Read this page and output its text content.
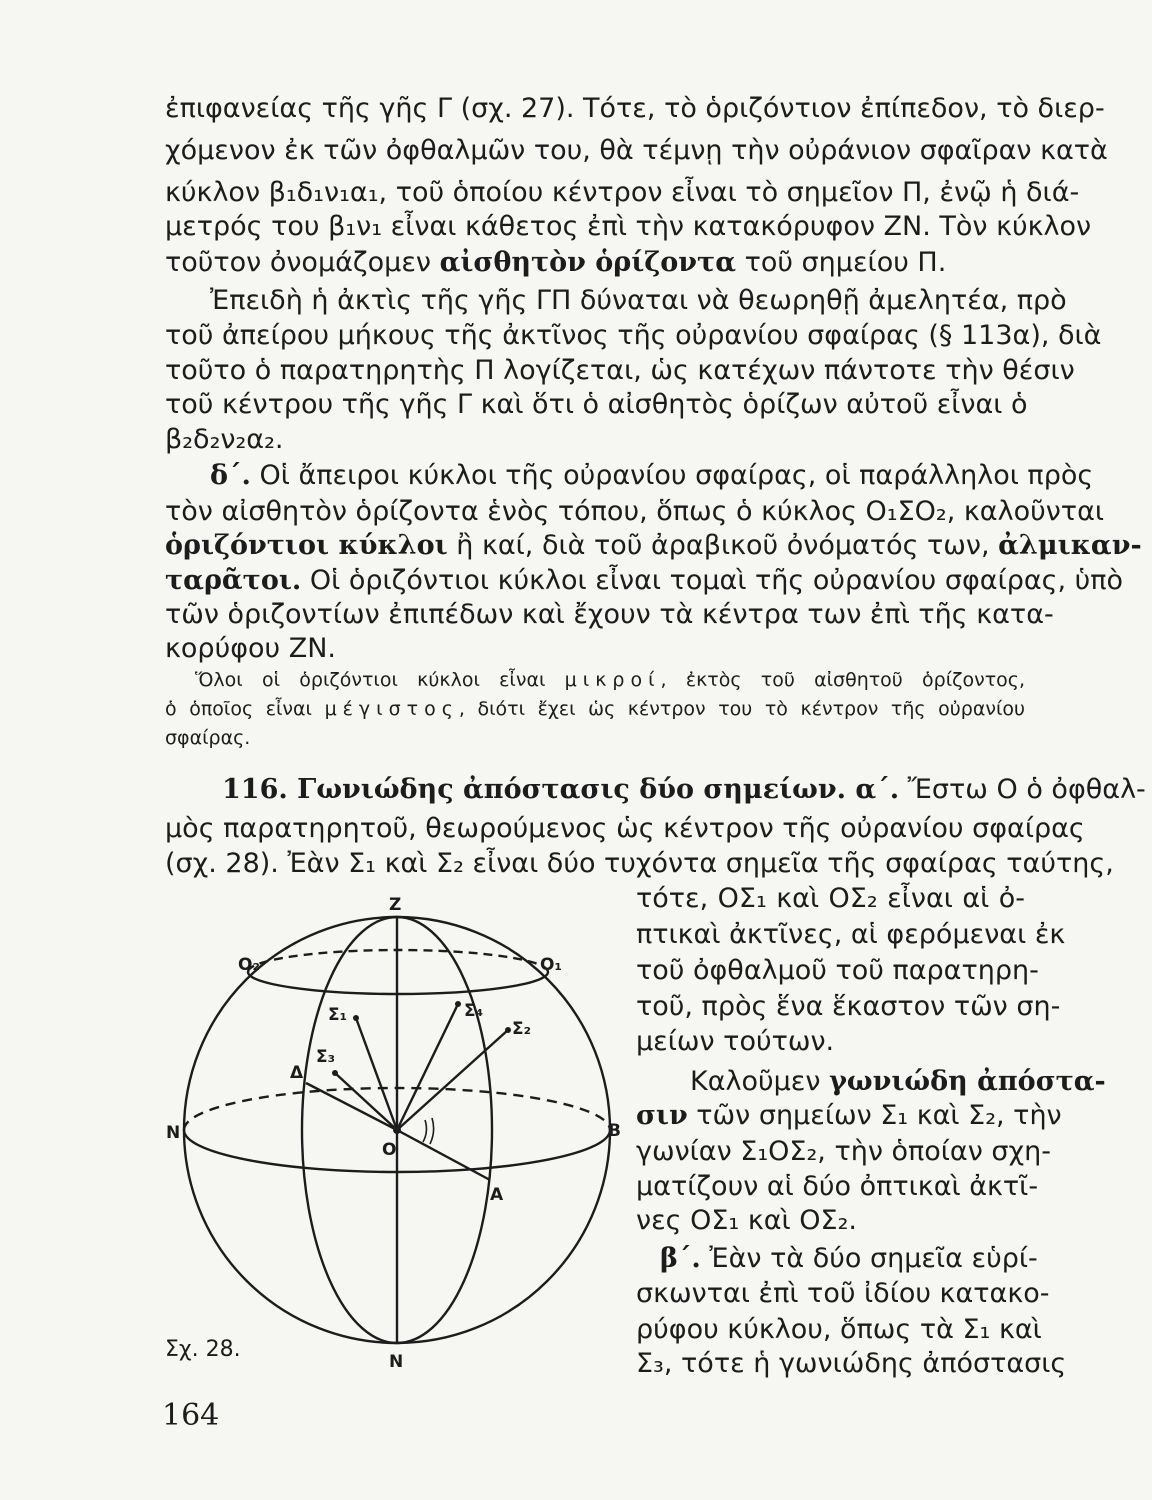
ἐπιφανείας τῆς γῆς Γ (σχ. 27). Τότε, τὸ ὁριζόντιον ἐπίπεδον, τὸ διερ-
χόμενον ἐκ τῶν ὀφθαλμῶν του, θὰ τέμνῃ τὴν οὐράνιον σφαῖραν κατὰ
κύκλον β₁δ₁ν₁α₁, τοῦ ὁποίου κέντρον εἶναι τὸ σημεῖον Π, ἐνῷ ἡ διά-
μετρός του β₁ν₁ εἶναι κάθετος ἐπὶ τὴν κατακόρυφον ΖΝ. Τὸν κύκλον
τοῦτον ὀνομάζομεν αἰσθητὸν ὁρίζοντα τοῦ σημείου Π.
Ἐπειδὴ ἡ ἀκτὶς τῆς γῆς ΓΠ δύναται νὰ θεωρηθῇ ἀμελητέα, πρὸ
τοῦ ἀπείρου μήκους τῆς ἀκτῖνος τῆς οὐρανίου σφαίρας (§ 113α), διὰ
τοῦτο ὁ παρατηρητὴς Π λογίζεται, ὡς κατέχων πάντοτε τὴν θέσιν
τοῦ κέντρου τῆς γῆς Γ καὶ ὅτι ὁ αἰσθητὸς ὁρίζων αὐτοῦ εἶναι ὁ
β₂δ₂ν₂α₂.
δ΄. Οἱ ἄπειροι κύκλοι τῆς οὐρανίου σφαίρας, οἱ παράλληλοι πρὸς
τὸν αἰσθητὸν ὁρίζοντα ἑνὸς τόπου, ὅπως ὁ κύκλος Ο₁ΣΟ₂, καλοῦνται
ὁριζόντιοι κύκλοι ἢ καί, διὰ τοῦ ἀραβικοῦ ὀνόματός των, ἀλμικαν-
ταρᾶτοι. Οἱ ὁριζόντιοι κύκλοι εἶναι τομαὶ τῆς οὐρανίου σφαίρας, ὑπὸ
τῶν ὁριζοντίων ἐπιπέδων καὶ ἔχουν τὰ κέντρα των ἐπὶ τῆς κατα-
κορύφου ΖΝ.
Ὅλοι οἱ ὁριζόντιοι κύκλοι εἶναι μικροί, ἐκτὸς τοῦ αἰσθητοῦ ὁρίζοντος,
ὁ ὁποῖος εἶναι μέγιστος, διότι ἔχει ὡς κέντρον του τὸ κέντρον τῆς οὐρανίου
σφαίρας.
116. Γωνιώδης ἀπόστασις δύο σημείων. α΄. Ἔστω Ο ὁ ὀφθαλ-
μὸς παρατηρητοῦ, θεωρούμενος ὡς κέντρον τῆς οὐρανίου σφαίρας
(σχ. 28). Ἐὰν Σ₁ καὶ Σ₂ εἶναι δύο τυχόντα σημεῖα τῆς σφαίρας ταύτης,
τότε, ΟΣ₁ καὶ ΟΣ₂ εἶναι αἱ ὀ-
πτικαὶ ἀκτῖνες, αἱ φερόμεναι ἐκ
τοῦ ὀφθαλμοῦ τοῦ παρατηρη-
τοῦ, πρὸς ἕνα ἕκαστον τῶν ση-
μείων τούτων.
Καλοῦμεν γωνιώδη ἀπόστα-
σιν τῶν σημείων Σ₁ καὶ Σ₂, τὴν
γωνίαν Σ₁ΟΣ₂, τὴν ὁποίαν σχη-
ματίζουν αἱ δύο ὀπτικαὶ ἀκτῖ-
νες ΟΣ₁ καὶ ΟΣ₂.
β΄. Ἐὰν τὰ δύο σημεῖα εὑρί-
σκωνται ἐπὶ τοῦ ἰδίου κατακο-
ρύφου κύκλου, ὅπως τὰ Σ₁ καὶ
Σ₃, τότε ἡ γωνιώδης ἀπόστασις
Z
N
N	B
O
O₁
O₂
Σ₁
Σ₂
Σ₃
Σ₄
Δ
A
Σχ. 28.
164
